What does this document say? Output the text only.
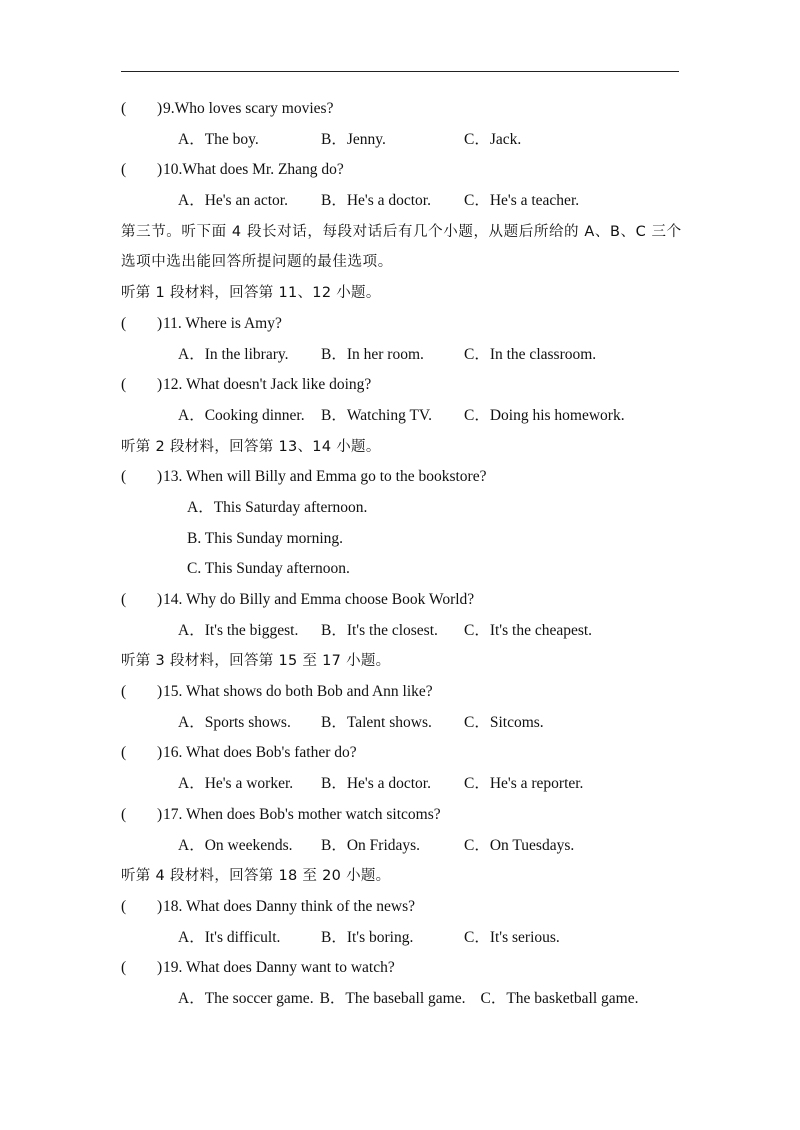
( ) 9.Who loves scary movies?
A．The boy.	B．Jenny.	C．Jack.
( ) 10.What does Mr. Zhang do?
A．He's an actor. B．He's a doctor. C．He's a teacher.
第三节。听下面 4 段长对话，每段对话后有几个小题，从题后所给的 A、B、C 三个
选项中选出能回答所提问题的最佳选项。
听第 1 段材料，回答第 11、12 小题。
( ) 11. Where is Amy?
A．In the library. B．In her room.	C．In the classroom.
( ) 12. What doesn't Jack like doing?
A．Cooking dinner. B．Watching TV. C．Doing his homework.
听第 2 段材料，回答第 13、14 小题。
( ) 13. When will Billy and Emma go to the bookstore?
A．This Saturday afternoon.
B. This Sunday morning.
C. This Sunday afternoon.
( ) 14. Why do Billy and Emma choose Book World?
A．It's the biggest. B．It's the closest. C．It's the cheapest.
听第 3 段材料，回答第 15 至 17 小题。
( ) 15. What shows do both Bob and Ann like?
A．Sports shows. B．Talent shows. C．Sitcoms.
( ) 16. What does Bob's father do?
A．He's a worker. B．He's a doctor. C．He's a reporter.
( ) 17. When does Bob's mother watch sitcoms?
A．On weekends. B．On Fridays.	C．On Tuesdays.
听第 4 段材料，回答第 18 至 20 小题。
( ) 18. What does Danny think of the news?
A．It's difficult.	B．It's boring.	C．It's serious.
( ) 19. What does Danny want to watch?
A．The soccer game. B．The baseball game. C．The basketball game.
